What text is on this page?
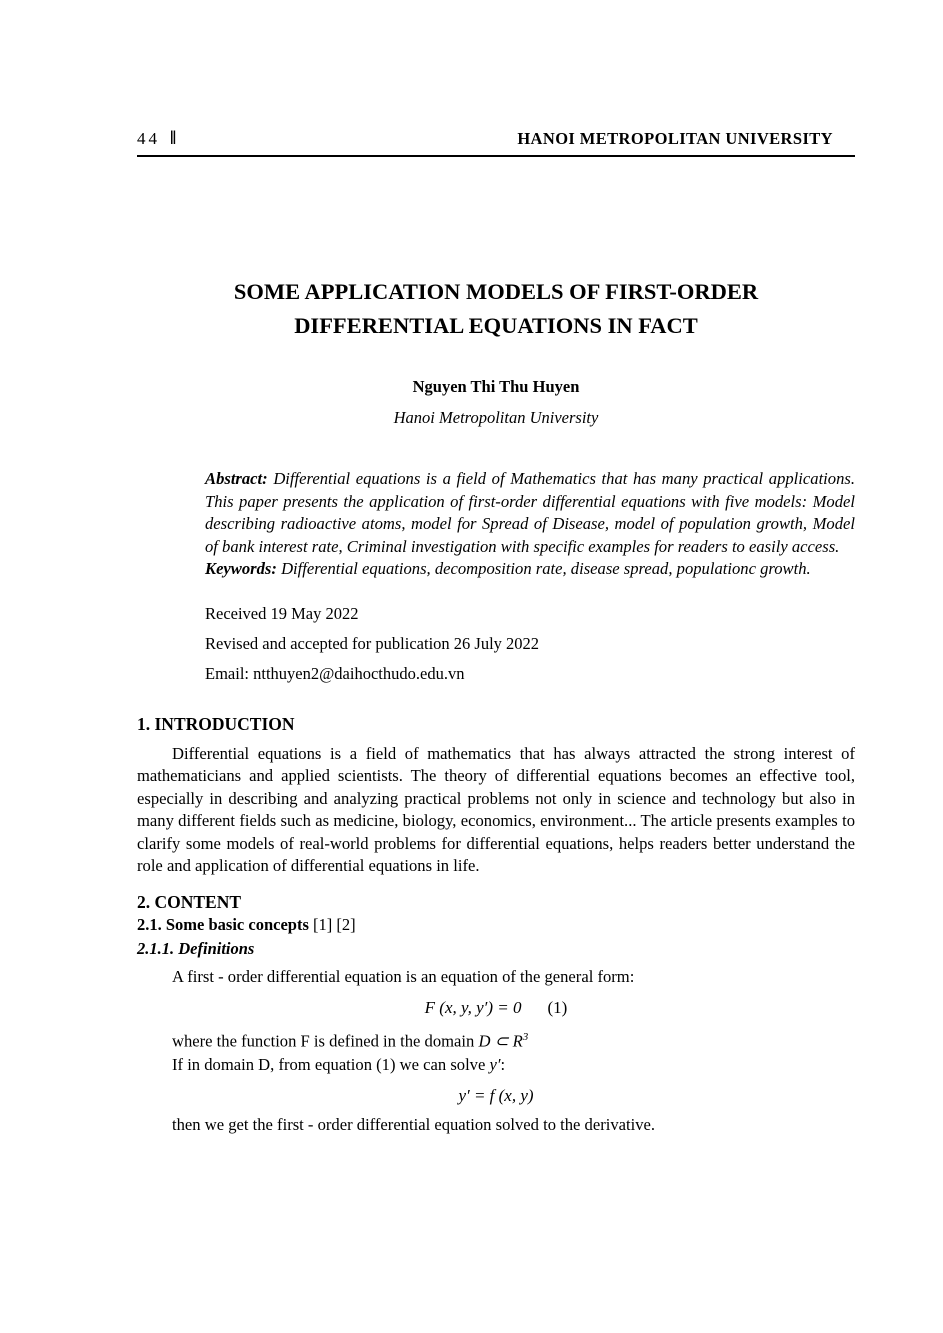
44 ‖	HANOI METROPOLITAN UNIVERSITY
SOME APPLICATION MODELS OF FIRST-ORDER
DIFFERENTIAL EQUATIONS IN FACT
Nguyen Thi Thu Huyen
Hanoi Metropolitan University

Abstract: Differential equations is a field of Mathematics that has many practical applications. This paper presents the application of first-order differential equations with five models: Model describing radioactive atoms, model for Spread of Disease, model of population growth, Model of bank interest rate, Criminal investigation with specific examples for readers to easily access.

Keywords: Differential equations, decomposition rate, disease spread, populationc growth.

Received 19 May 2022

Revised and accepted for publication 26 July 2022

Email: ntthuyen2@daihocthudo.edu.vn

1. INTRODUCTION

Differential equations is a field of mathematics that has always attracted the strong interest of mathematicians and applied scientists. The theory of differential equations becomes an effective tool, especially in describing and analyzing practical problems not only in science and technology but also in many different fields such as medicine, biology, economics, environment... The article presents examples to clarify some models of real-world problems for differential equations, helps readers better understand the role and application of differential equations in life.

2. CONTENT
2.1. Some basic concepts [1] [2]
2.1.1. Definitions

A first - order differential equation is an equation of the general form:

F (x, y, y′) = 0 (1)

where the function F is defined in the domain D ⊂ $R^3$

If in domain D, from equation (1) we can solve y′:

y′ = f (x, y)

then we get the first - order differential equation solved to the derivative.
